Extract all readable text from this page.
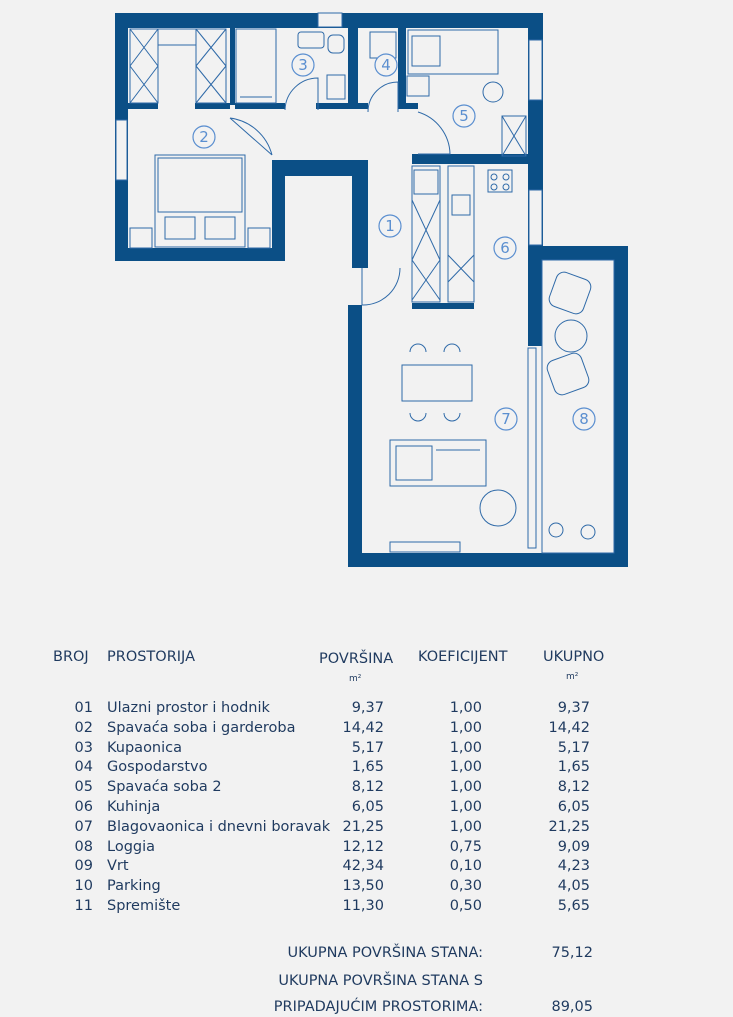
1
2
3	4
5
6
7	8
BROJ PROSTORIJA	POVRŠINA
m²
KOEFICIJENT UKUPNO
m²
01 Ulazni prostor i hodnik	9,37	1,00	9,37
02 Spavaća soba i garderoba	14,42	1,00	14,42
03 Kupaonica	5,17	1,00	5,17
04 Gospodarstvo	1,65	1,00	1,65
05 Spavaća soba 2	8,12	1,00	8,12
06 Kuhinja	6,05	1,00	6,05
07 Blagovaonica i dnevni boravak 21,25	1,00	21,25
08 Loggia	12,12	0,75	9,09
09 Vrt	42,34	0,10	4,23
10 Parking	13,50	0,30	4,05
11 Spremište	11,30	0,50	5,65
UKUPNA POVRŠINA STANA:	75,12
UKUPNA POVRŠINA STANA S
PRIPADAJUĆIM PROSTORIMA:	89,05
